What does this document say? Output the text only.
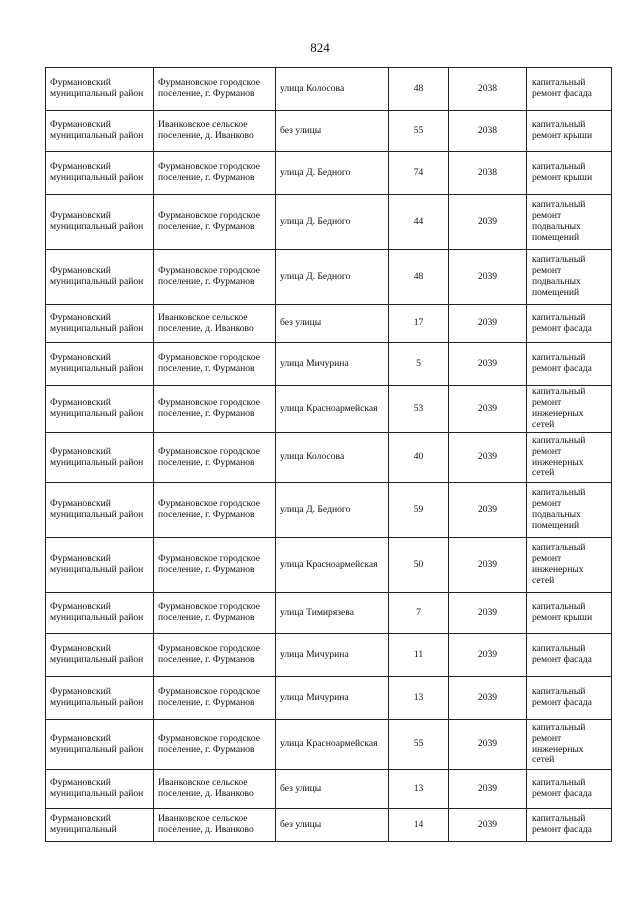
824
Фурмановский муниципальный район	Фурмановское городское поселение, г. Фурманов	улица Колосова	48	2038	капитальный ремонт фасада
Фурмановский муниципальный район	Иванковское сельское поселение, д. Иванково	без улицы	55	2038	капитальный ремонт крыши
Фурмановский муниципальный район	Фурмановское городское поселение, г. Фурманов	улица Д. Бедного	74	2038	капитальный ремонт крыши
Фурмановский муниципальный район	Фурмановское городское поселение, г. Фурманов	улица Д. Бедного	44	2039	капитальный ремонт подвальных помещений
Фурмановский муниципальный район	Фурмановское городское поселение, г. Фурманов	улица Д. Бедного	48	2039	капитальный ремонт подвальных помещений
Фурмановский муниципальный район	Иванковское сельское поселение, д. Иванково	без улицы	17	2039	капитальный ремонт фасада
Фурмановский муниципальный район	Фурмановское городское поселение, г. Фурманов	улица Мичурина	5	2039	капитальный ремонт фасада
Фурмановский муниципальный район	Фурмановское городское поселение, г. Фурманов	улица Красноармейская	53	2039	капитальный ремонт инженерных сетей
Фурмановский муниципальный район	Фурмановское городское поселение, г. Фурманов	улица Колосова	40	2039	капитальный ремонт инженерных сетей
Фурмановский муниципальный район	Фурмановское городское поселение, г. Фурманов	улица Д. Бедного	59	2039	капитальный ремонт подвальных помещений
Фурмановский муниципальный район	Фурмановское городское поселение, г. Фурманов	улица Красноармейская	50	2039	капитальный ремонт инженерных сетей
Фурмановский муниципальный район	Фурмановское городское поселение, г. Фурманов	улица Тимирязева	7	2039	капитальный ремонт крыши
Фурмановский муниципальный район	Фурмановское городское поселение, г. Фурманов	улица Мичурина	11	2039	капитальный ремонт фасада
Фурмановский муниципальный район	Фурмановское городское поселение, г. Фурманов	улица Мичурина	13	2039	капитальный ремонт фасада
Фурмановский муниципальный район	Фурмановское городское поселение, г. Фурманов	улица Красноармейская	55	2039	капитальный ремонт инженерных сетей
Фурмановский муниципальный район	Иванковское сельское поселение, д. Иванково	без улицы	13	2039	капитальный ремонт фасада
Фурмановский муниципальный	Иванковское сельское поселение, д. Иванково	без улицы	14	2039	капитальный ремонт фасада
